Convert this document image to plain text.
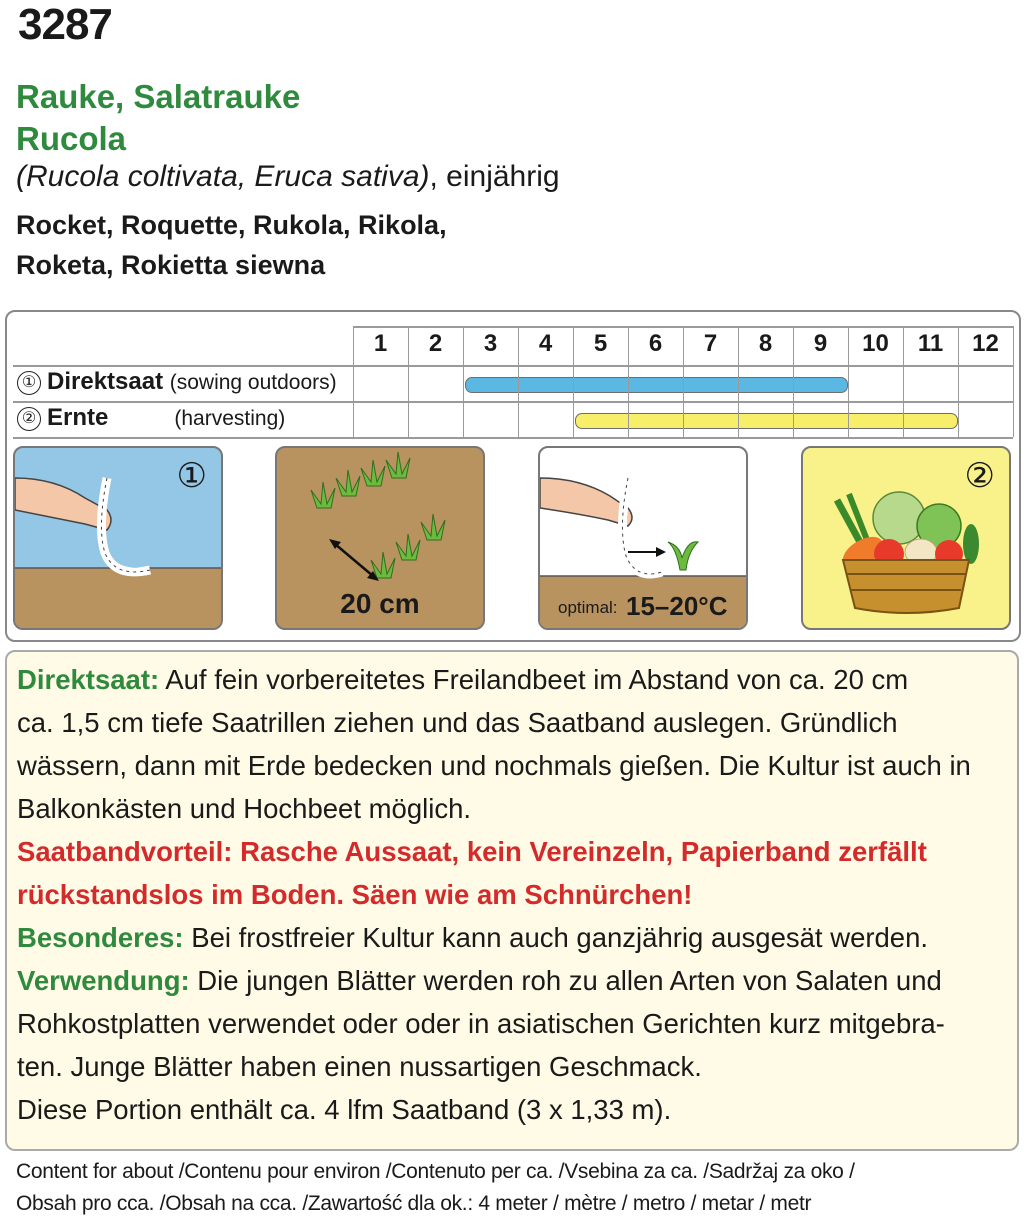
3287
Rauke, Salatrauke
Rucola
(Rucola coltivata, Eruca sativa), einjährig
Rocket, Roquette, Rukola, Rikola,
Roketa, Rokietta siewna
① Direktsaat (sowing outdoors)
② Ernte	(harvesting)
1	2	3	4	5	6	7	8	9	10	11	12
①
20 cm	optimal: 15–20°C
②
Direktsaat: Auf fein vorbereitetes Freilandbeet im Abstand von ca. 20 cm
ca. 1,5 cm tiefe Saatrillen ziehen und das Saatband auslegen. Gründlich
wässern, dann mit Erde bedecken und nochmals gießen. Die Kultur ist auch in
Balkonkästen und Hochbeet möglich.
Saatbandvorteil: Rasche Aussaat, kein Vereinzeln, Papierband zerfällt
rückstandslos im Boden. Säen wie am Schnürchen!
Besonderes: Bei frostfreier Kultur kann auch ganzjährig ausgesät werden.
Verwendung: Die jungen Blätter werden roh zu allen Arten von Salaten und
Rohkostplatten verwendet oder oder in asiatischen Gerichten kurz mitgebra-
ten. Junge Blätter haben einen nussartigen Geschmack.
Diese Portion enthält ca. 4 lfm Saatband (3 x 1,33 m).
Content for about /Contenu pour environ /Contenuto per ca. /Vsebina za ca. /Sadržaj za oko /
Obsah pro cca. /Obsah na cca. /Zawartość dla ok.: 4 meter / mètre / metro / metar / metr
